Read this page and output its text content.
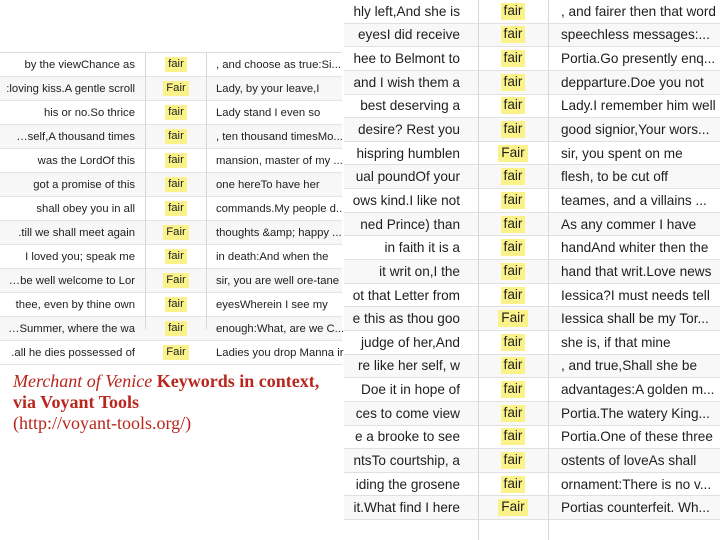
hly left,And she is	fair	, and fairer then that word
eyesI did receive	fair	speechless messages:...
hee to Belmont to	fair	Portia.Go presently enq...
and I wish them a	fair	depparture.Doe you not
best deserving a	fair	Lady.I remember him well
desire? Rest you	fair	good signior,Your wors...
hispring humblen	Fair	sir, you spent on me
ual poundOf your	fair	flesh, to be cut off
ows kind.I like not	fair	teames, and a villains ...
ned Prince) than	fair	As any commer I have
in faith it is a	fair	handAnd whiter then the
it writ on,I the	fair	hand that writ.Love news
ot that Letter from	fair	Iessica?I must needs tell
e this as thou goo	Fair	Iessica shall be my Tor...
judge of her,And	fair	she is, if that mine
re like her self, w	fair	, and true,Shall she be
Doe it in hope of	fair	advantages:A golden m...
ces to come view	fair	Portia.The watery King...
e a brooke to see	fair	Portia.One of these three
ntsTo courtship, a	fair	ostents of loveAs shall
iding the grosene	fair	ornament:There is no v...
it.What find I here	Fair	Portias counterfeit. Wh...
by the viewChance as	fair	, and choose as true:Si...
:loving kiss.A gentle scroll	Fair	Lady, by your leave,I
his or no.So thrice	fair	Lady stand I even so
…self,A thousand times	fair	, ten thousand timesMo...
was the LordOf this	fair	mansion, master of my ...
got a promise of this	fair	one hereTo have her
shall obey you in all	fair	commands.My people d..
.till we shall meet again	Fair	thoughts &amp; happy ...
I loved you; speak me	fair	in death:And when the
…be well welcome to Lor	Fair	sir, you are well ore-tane
thee, even by thine own	fair	eyesWherein I see my
…Summer, where the wa	fair	enough:What, are we C...
.all he dies possessed of	Fair	Ladies you drop Manna ir
Merchant of Venice Keywords in context, via Voyant Tools
(http://voyant-tools.org/)
